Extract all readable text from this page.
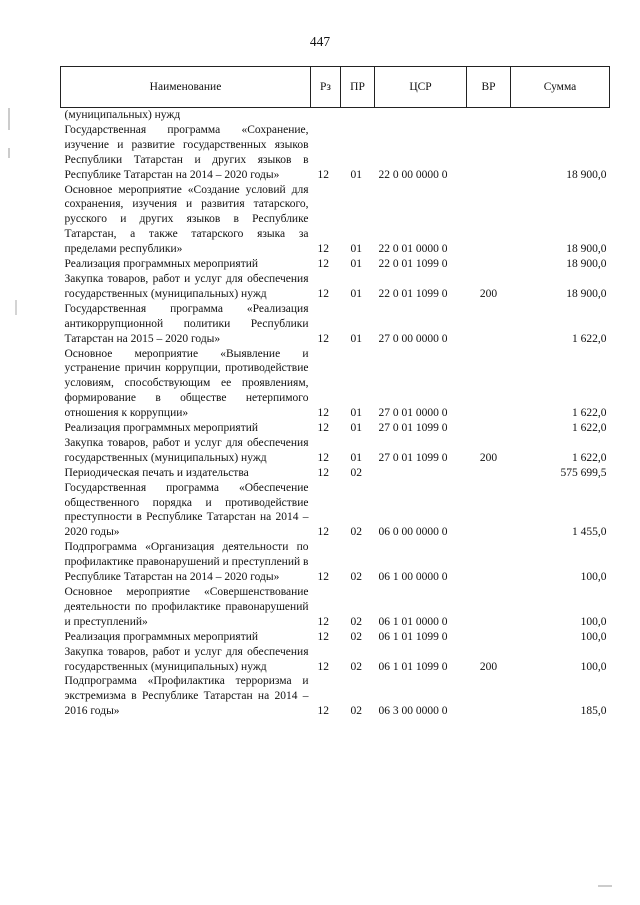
447
Наименование	Рз	ПР	ЦСР	ВР	Сумма
(муниципальных) нужд					
Государственная программа «Сохранение, изучение и развитие государственных языков Республики Татарстан и других языков в Республике Татарстан на 2014 – 2020 годы»	12	01	22 0 00 0000 0		18 900,0
Основное мероприятие «Создание условий для сохранения, изучения и развития татарского, русского и других языков в Республике Татарстан, а также татарского языка за пределами республики»	12	01	22 0 01 0000 0		18 900,0
Реализация программных мероприятий	12	01	22 0 01 1099 0		18 900,0
Закупка товаров, работ и услуг для обеспечения государственных (муниципальных) нужд	12	01	22 0 01 1099 0	200	18 900,0
Государственная программа «Реализация антикоррупционной политики Республики Татарстан на 2015 – 2020 годы»	12	01	27 0 00 0000 0		1 622,0
Основное мероприятие «Выявление и устранение причин коррупции, противодействие условиям, способствующим ее проявлениям, формирование в обществе нетерпимого отношения к коррупции»	12	01	27 0 01 0000 0		1 622,0
Реализация программных мероприятий	12	01	27 0 01 1099 0		1 622,0
Закупка товаров, работ и услуг для обеспечения государственных (муниципальных) нужд	12	01	27 0 01 1099 0	200	1 622,0
Периодическая печать и издательства	12	02			575 699,5
Государственная программа «Обеспечение общественного порядка и противодействие преступности в Республике Татарстан на 2014 – 2020 годы»	12	02	06 0 00 0000 0		1 455,0
Подпрограмма «Организация деятельности по профилактике правонарушений и преступлений в Республике Татарстан на 2014 – 2020 годы»	12	02	06 1 00 0000 0		100,0
Основное мероприятие «Совершенствование деятельности по профилактике правонарушений и преступлений»	12	02	06 1 01 0000 0		100,0
Реализация программных мероприятий	12	02	06 1 01 1099 0		100,0
Закупка товаров, работ и услуг для обеспечения государственных (муниципальных) нужд	12	02	06 1 01 1099 0	200	100,0
Подпрограмма «Профилактика терроризма и экстремизма в Республике Татарстан на 2014 – 2016 годы»	12	02	06 3 00 0000 0		185,0
